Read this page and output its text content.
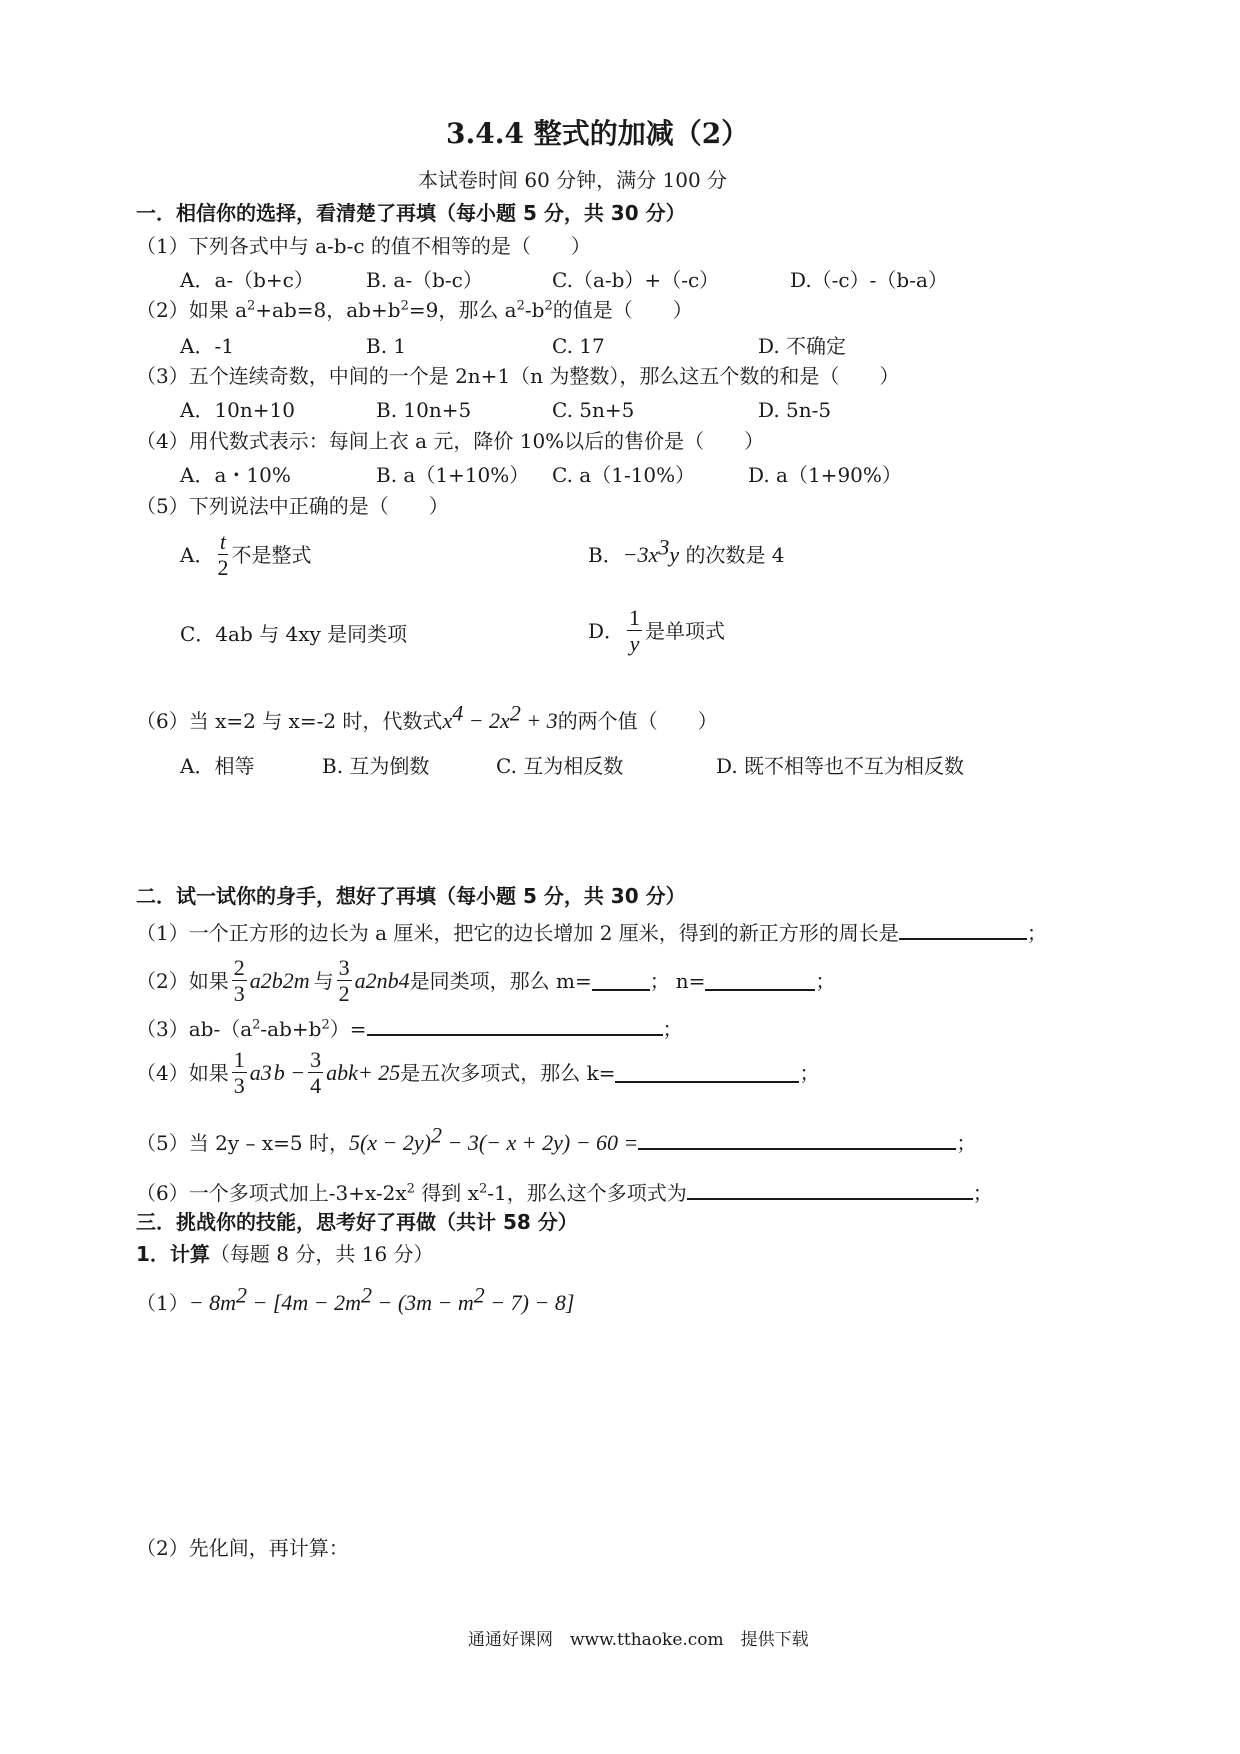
3.4.4 整式的加减（2）
本试卷时间 60 分钟，满分 100 分
一．相信你的选择，看清楚了再填（每小题 5 分，共 30 分）
（1）下列各式中与 a-b-c 的值不相等的是（　　）
A．a-（b+c）	B. a-（b-c）	C.（a-b）+（-c）	D.（-c）-（b-a）
（2）如果 $a^2+ab=8$，$ab+b^2=9$，那么 $a^2-b^2$的值是（　　）
A．-1	B. 1	C. 17	D. 不确定
（3）五个连续奇数，中间的一个是 2n+1（n 为整数），那么这五个数的和是（　　）
A．10n+10	B. 10n+5	C. 5n+5	D. 5n-5
（4）用代数式表示：每间上衣 a 元，降价 10%以后的售价是（　　）
A．a・10%	B. a（1+10%） C. a（1-10%）	D. a（1+90%）
（5）下列说法中正确的是（　　）
A． $\frac{t}{2}$ 不是整式	B．$-3x^3y$ 的次数是 4
C．4ab 与 4xy 是同类项	D． $\frac{1}{y}$ 是单项式
（6）当 x=2 与 x=-2 时，代数式$x^4 - 2x^2 + 3$的两个值（　　）
A．相等	B. 互为倒数	C. 互为相反数	D. 既不相等也不互为相反数
二．试一试你的身手，想好了再填（每小题 5 分，共 30 分）
（1）一个正方形的边长为 a 厘米，把它的边长增加 2 厘米，得到的新正方形的周长是	；
（2）如果 $\frac{2}{3}$ a 2 b 2m 与 $\frac{3}{2}$ a 2n b 4 是同类项，那么 m=	； n=	；
$(3)ab-(a^2-ab+b^2)=$	；
（4）如果 $\frac{1}{3}$ a 3 $b - \frac{3}{4}$ ab k + 2 5 是五次多项式，那么 k=	；
（5）当 2y – x=5 时，$5(x - 2y)^2 - 3(- x + 2y) - 60$ =	；
（6）一个多项式加上$-3+x-2x^2$ 得到 $x^2-1$，那么这个多项式为	；
三．挑战你的技能，思考好了再做（共计 58 分）
1．计算（每题 8 分，共 16 分）
$(1)- 8m^2 - [4m - 2m^2 - (3m - m^2 - 7) - 8]$
（2）先化间，再计算：
通通好课网　www.tthaoke.com　提供下载
